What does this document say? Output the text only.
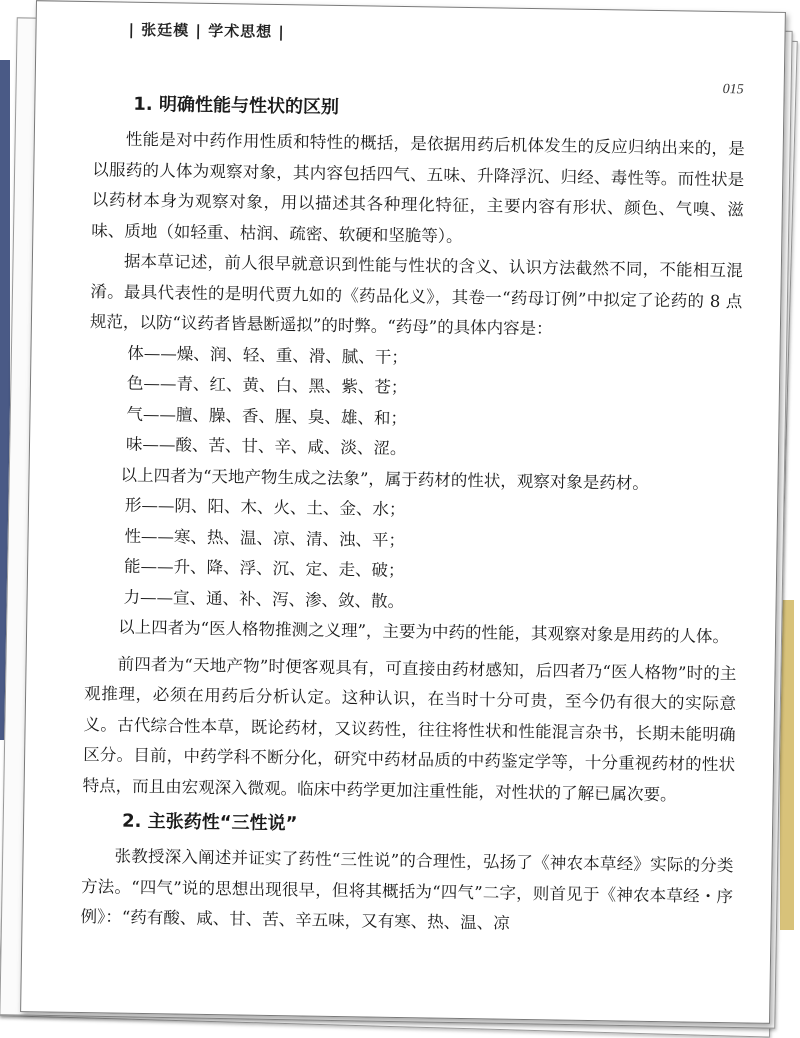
| 张廷模 | 学术思想 |
015
1. 明确性能与性状的区别

性能是对中药作用性质和特性的概括，是依据用药后机体发生的反应归纳出来的，是以服药的人体为观察对象，其内容包括四气、五味、升降浮沉、归经、毒性等。而性状是以药材本身为观察对象，用以描述其各种理化特征，主要内容有形状、颜色、气嗅、滋味、质地（如轻重、枯润、疏密、软硬和坚脆等）。

据本草记述，前人很早就意识到性能与性状的含义、认识方法截然不同，不能相互混淆。最具代表性的是明代贾九如的《药品化义》，其卷一“药母订例”中拟定了论药的 8 点规范，以防“议药者皆悬断遥拟”的时弊。“药母”的具体内容是：

体——燥、润、轻、重、滑、腻、干；
色——青、红、黄、白、黑、紫、苍；
气——膻、臊、香、腥、臭、雄、和；
味——酸、苦、甘、辛、咸、淡、涩。

以上四者为“天地产物生成之法象”，属于药材的性状，观察对象是药材。

形——阴、阳、木、火、土、金、水；
性——寒、热、温、凉、清、浊、平；
能——升、降、浮、沉、定、走、破；
力——宣、通、补、泻、渗、敛、散。

以上四者为“医人格物推测之义理”，主要为中药的性能，其观察对象是用药的人体。

前四者为“天地产物”时便客观具有，可直接由药材感知，后四者乃“医人格物”时的主观推理，必须在用药后分析认定。这种认识，在当时十分可贵，至今仍有很大的实际意义。古代综合性本草，既论药材，又议药性，往往将性状和性能混言杂书，长期未能明确区分。目前，中药学科不断分化，研究中药材品质的中药鉴定学等，十分重视药材的性状特点，而且由宏观深入微观。临床中药学更加注重性能，对性状的了解已属次要。

2. 主张药性“三性说”

张教授深入阐述并证实了药性“三性说”的合理性，弘扬了《神农本草经》实际的分类方法。“四气”说的思想出现很早，但将其概括为“四气”二字，则首见于《神农本草经・序例》：“药有酸、咸、甘、苦、辛五味，又有寒、热、温、凉
